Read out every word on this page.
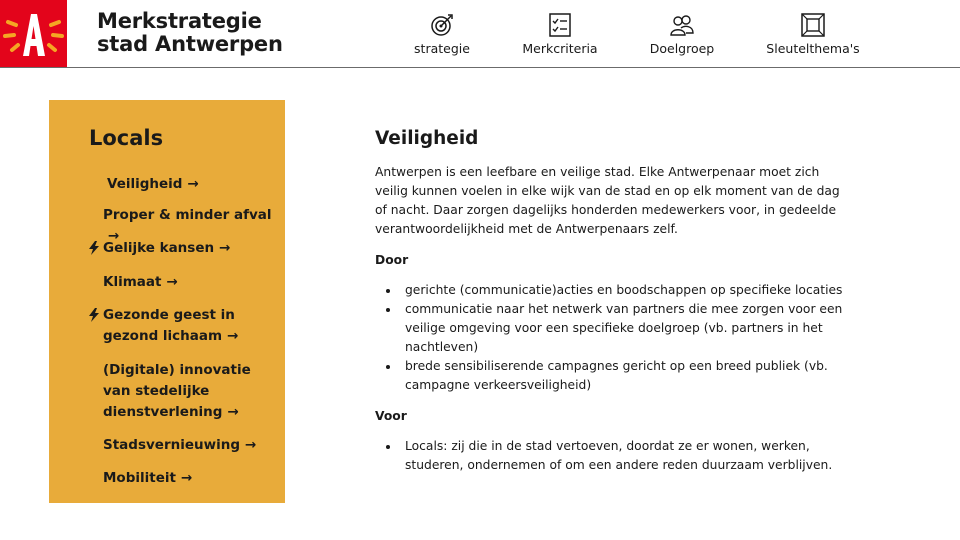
Merkstrategie
stad Antwerpen	strategie	Merkcriteria	Doelgroep	Sleutelthema's
Locals
Veiligheid →
Proper & minder afval→
Gelijke kansen →
Klimaat →
Gezonde geest in
gezond lichaam →
(Digitale) innovatie
van stedelijke
dienstverlening →
Stadsvernieuwing →
Mobiliteit →
Veiligheid

Antwerpen is een leefbare en veilige stad. Elke Antwerpenaar moet zich veilig kunnen voelen in elke wijk van de stad en op elk moment van de dag of nacht. Daar zorgen dagelijks honderden medewerkers voor, in gedeelde verantwoordelijkheid met de Antwerpenaars zelf.

Door
gerichte (communicatie)acties en boodschappen op specifieke locaties
communicatie naar het netwerk van partners die mee zorgen voor een veilige omgeving voor een specifieke doelgroep (vb. partners in het nachtleven)
brede sensibiliserende campagnes gericht op een breed publiek (vb. campagne verkeersveiligheid)
Voor
Locals: zij die in de stad vertoeven, doordat ze er wonen, werken, studeren, ondernemen of om een andere reden duurzaam verblijven.
